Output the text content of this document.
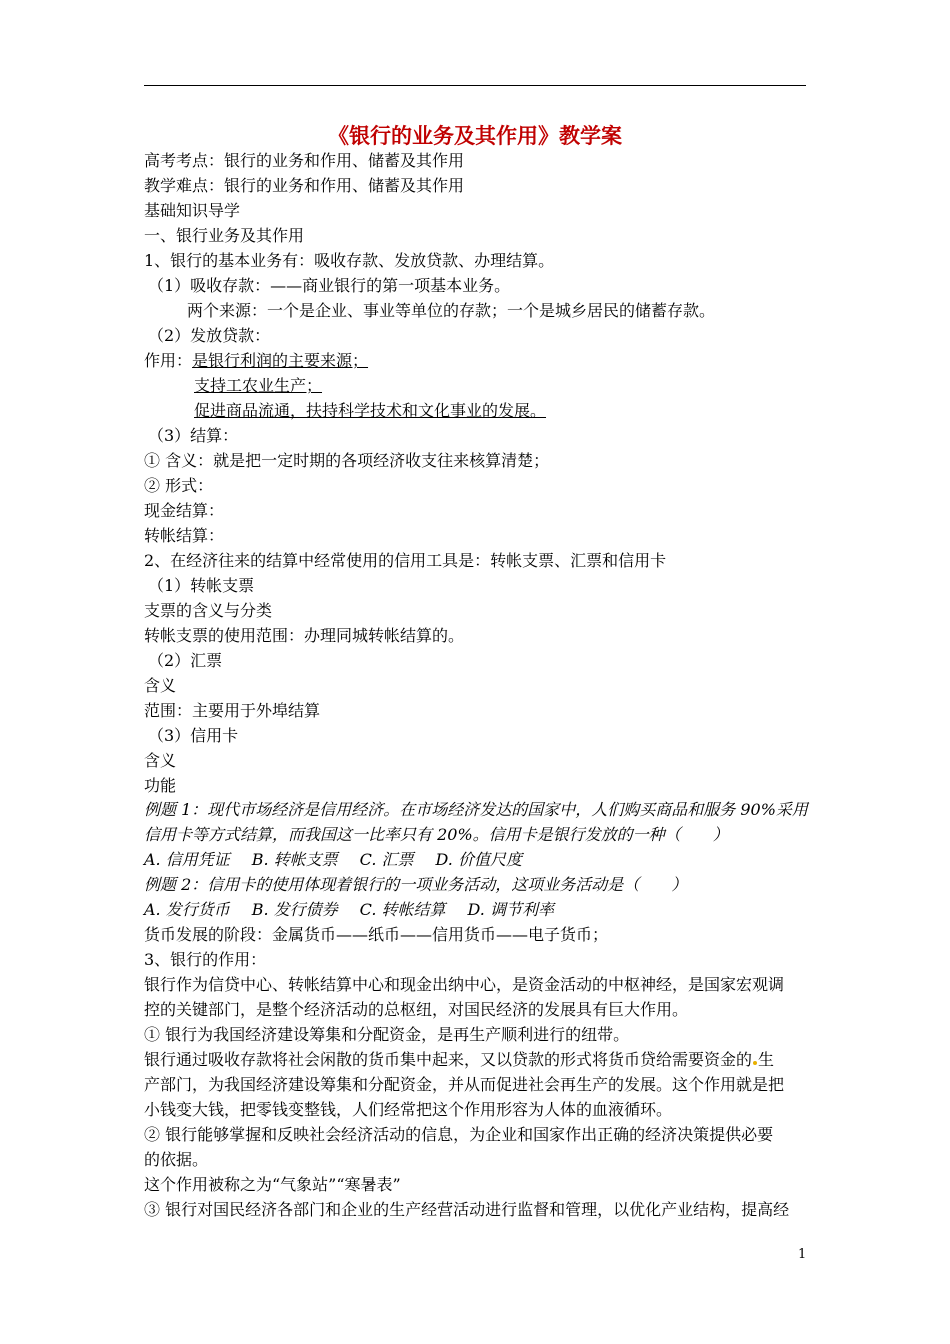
《银行的业务及其作用》教学案
高考考点：银行的业务和作用、储蓄及其作用
教学难点：银行的业务和作用、储蓄及其作用
基础知识导学
一、银行业务及其作用
1、银行的基本业务有：吸收存款、发放贷款、办理结算。
（1）吸收存款：——商业银行的第一项基本业务。
两个来源：一个是企业、事业等单位的存款；一个是城乡居民的储蓄存款。
（2）发放贷款：
作用：是银行利润的主要来源；
支持工农业生产；
促进商品流通，扶持科学技术和文化事业的发展。
（3）结算：
① 含义：就是把一定时期的各项经济收支往来核算清楚；
② 形式：
现金结算：
转帐结算：
2、在经济往来的结算中经常使用的信用工具是：转帐支票、汇票和信用卡
（1）转帐支票
支票的含义与分类
转帐支票的使用范围：办理同城转帐结算的。
（2）汇票
含义
范围：主要用于外埠结算
（3）信用卡
含义
功能
例题 1：现代市场经济是信用经济。在市场经济发达的国家中，人们购买商品和服务 90%采用
信用卡等方式结算，而我国这一比率只有 20%。信用卡是银行发放的一种（　　）
A. 信用凭证 B. 转帐支票 C. 汇票 D. 价值尺度
例题 2：信用卡的使用体现着银行的一项业务活动，这项业务活动是（　　）
A. 发行货币 B. 发行债券 C. 转帐结算 D. 调节利率
货币发展的阶段：金属货币——纸币——信用货币——电子货币；
3、银行的作用：
银行作为信贷中心、转帐结算中心和现金出纳中心，是资金活动的中枢神经，是国家宏观调
控的关键部门，是整个经济活动的总枢纽，对国民经济的发展具有巨大作用。
① 银行为我国经济建设筹集和分配资金，是再生产顺利进行的纽带。
银行通过吸收存款将社会闲散的货币集中起来，又以贷款的形式将货币贷给需要资金的 生
产部门，为我国经济建设筹集和分配资金，并从而促进社会再生产的发展。这个作用就是把
小钱变大钱，把零钱变整钱，人们经常把这个作用形容为人体的血液循环。
② 银行能够掌握和反映社会经济活动的信息，为企业和国家作出正确的经济决策提供必要
的依据。
这个作用被称之为“气象站”“寒暑表”
③ 银行对国民经济各部门和企业的生产经营活动进行监督和管理，以优化产业结构，提高经
1
